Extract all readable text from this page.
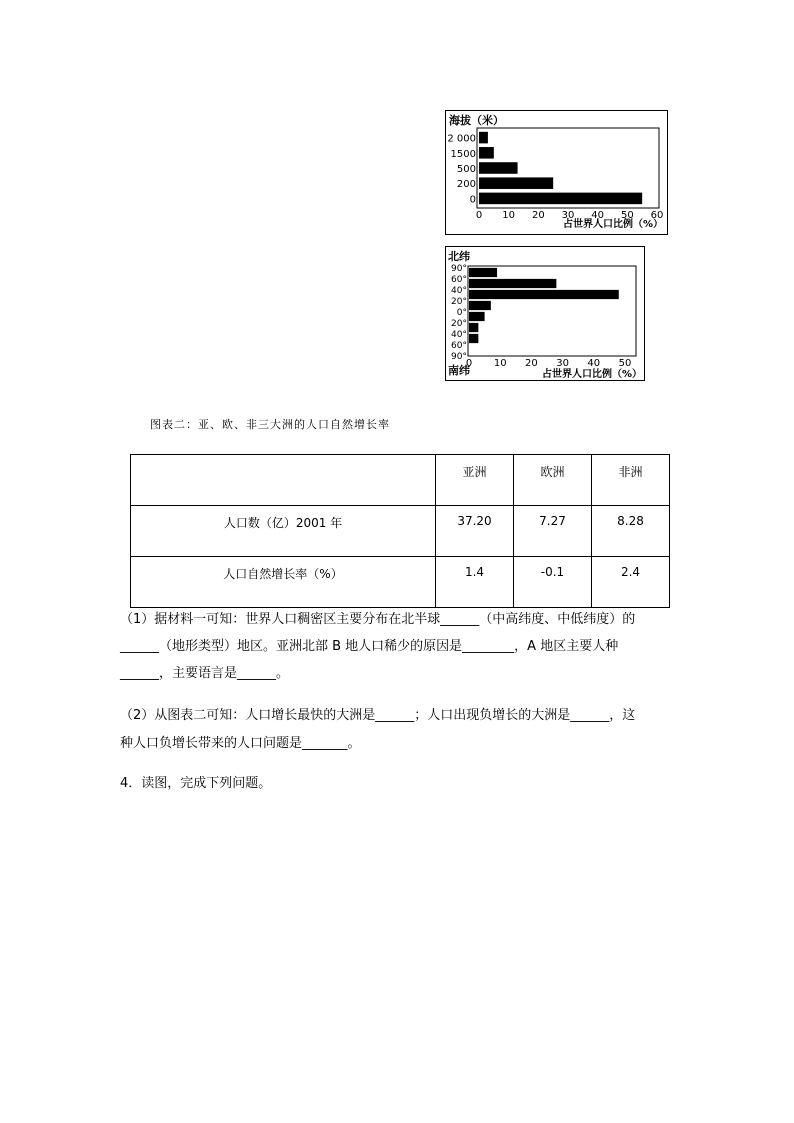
海拔（米）
0
200
500
1500
2 000
0 10 20 30 40 50 60
占世界人口比例（%）
北纬
南纬
90°
60°
40°
20°
0°
20°
40°
60°
90°
0 10 20 30 40 50
占世界人口比例（%）
图表二：亚、欧、非三大洲的人口自然增长率
	亚洲	欧洲	非洲
人口数（亿）2001 年	37.20	7.27	8.28
人口自然增长率（%）	1.4	-0.1	2.4
（1）据材料一可知：世界人口稠密区主要分布在北半球______（中高纬度、中低纬度）的
______（地形类型）地区。亚洲北部 B 地人口稀少的原因是________，A 地区主要人种
______，主要语言是______。
（2）从图表二可知：人口增长最快的大洲是______；人口出现负增长的大洲是______，这
种人口负增长带来的人口问题是_______。
4．读图，完成下列问题。
